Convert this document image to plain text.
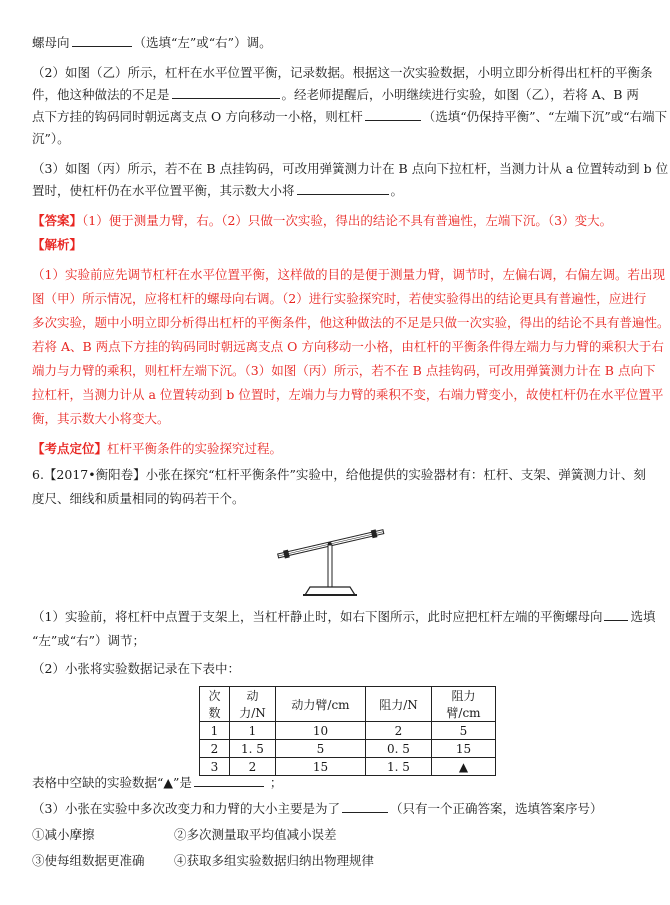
螺母向	（选填“左”或“右”）调。
（2）如图（乙）所示，杠杆在水平位置平衡，记录数据。根据这一次实验数据，小明立即分析得出杠杆的平衡条
件，他这种做法的不足是	。经老师提醒后，小明继续进行实验，如图（乙），若将 A、B 两
点下方挂的钩码同时朝远离支点 O 方向移动一小格，则杠杆	（选填“仍保持平衡”、“左端下沉”或“右端下
沉”）。
（3）如图（丙）所示，若不在 B 点挂钩码，可改用弹簧测力计在 B 点向下拉杠杆，当测力计从 a 位置转动到 b 位
置时，使杠杆仍在水平位置平衡，其示数大小将	。
【答案】（1）便于测量力臂，右。（2）只做一次实验，得出的结论不具有普遍性，左端下沉。（3）变大。
【解析】
（1）实验前应先调节杠杆在水平位置平衡，这样做的目的是便于测量力臂，调节时，左偏右调，右偏左调。若出现
图（甲）所示情况，应将杠杆的螺母向右调。（2）进行实验探究时，若使实验得出的结论更具有普遍性，应进行
多次实验，题中小明立即分析得出杠杆的平衡条件，他这种做法的不足是只做一次实验，得出的结论不具有普遍性。
若将 A、B 两点下方挂的钩码同时朝远离支点 O 方向移动一小格，由杠杆的平衡条件得左端力与力臂的乘积大于右
端力与力臂的乘积，则杠杆左端下沉。（3）如图（丙）所示，若不在 B 点挂钩码，可改用弹簧测力计在 B 点向下
拉杠杆，当测力计从 a 位置转动到 b 位置时，左端力与力臂的乘积不变，右端力臂变小，故使杠杆仍在水平位置平
衡，其示数大小将变大。
【考点定位】杠杆平衡条件的实验探究过程。
6.【2017•衡阳卷】小张在探究“杠杆平衡条件”实验中，给他提供的实验器材有：杠杆、支架、弹簧测力计、刻
度尺、细线和质量相同的钩码若干个。
（1）实验前，将杠杆中点置于支架上，当杠杆静止时，如右下图所示，此时应把杠杆左端的平衡螺母向 选填
“左”或“右”）调节；
（2）小张将实验数据记录在下表中：
次数	动力/N	动力臂/cm	阻力/N	阻力臂/cm
1	1	10	2	5
2	1. 5	5	0. 5	15
3	2	15	1. 5	▲
表格中空缺的实验数据“▲”是	；
（3）小张在实验中多次改变力和力臂的大小主要是为了	（只有一个正确答案，选填答案序号）
①减小摩擦	②多次测量取平均值减小误差
③使每组数据更准确 ④获取多组实验数据归纳出物理规律
